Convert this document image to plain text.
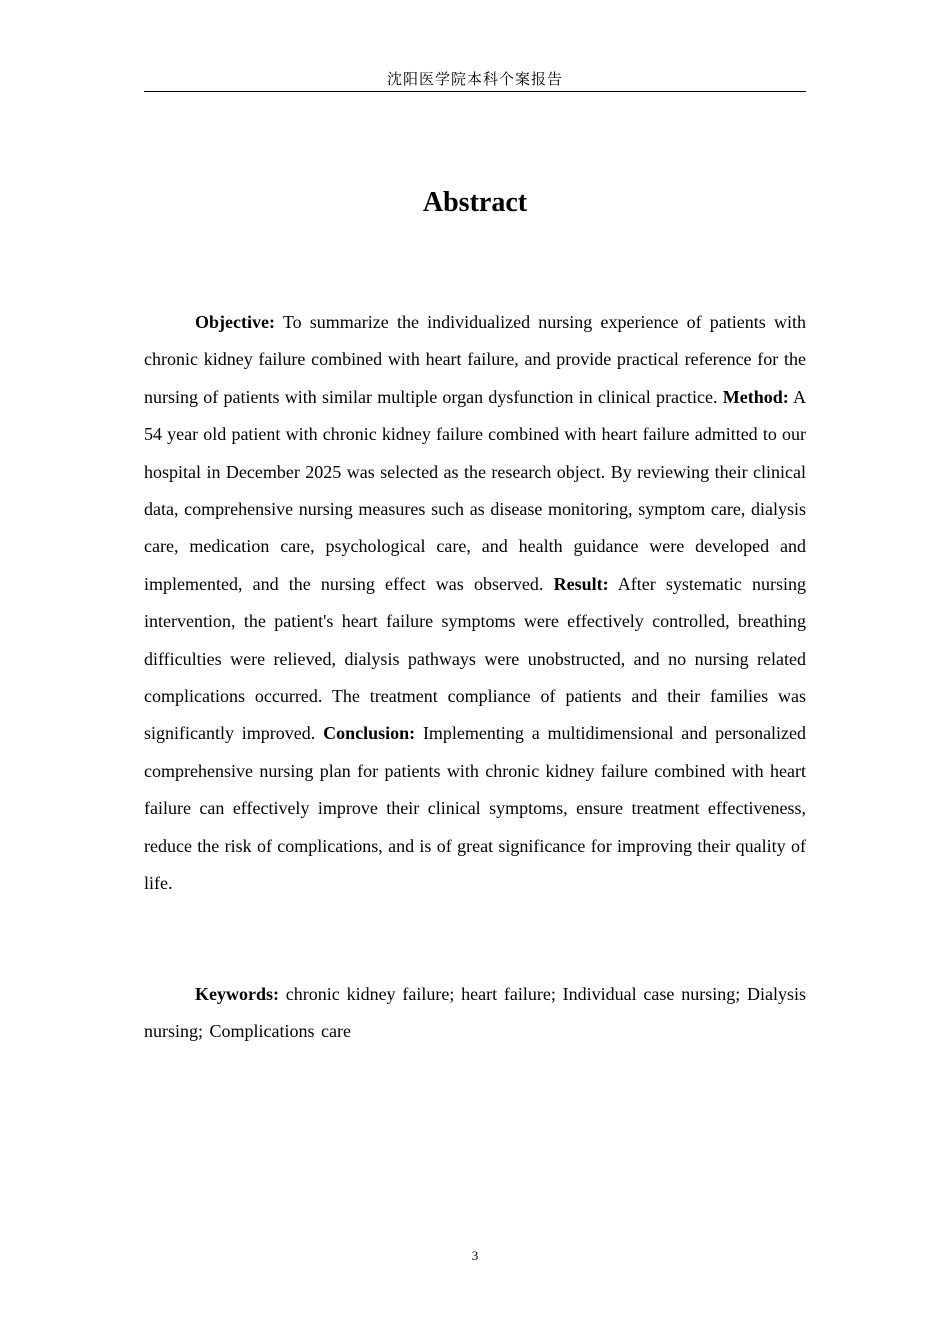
沈阳医学院本科个案报告
Abstract

Objective: To summarize the individualized nursing experience of patients with chronic kidney failure combined with heart failure, and provide practical reference for the nursing of patients with similar multiple organ dysfunction in clinical practice. Method: A 54 year old patient with chronic kidney failure combined with heart failure admitted to our hospital in December 2025 was selected as the research object. By reviewing their clinical data, comprehensive nursing measures such as disease monitoring, symptom care, dialysis care, medication care, psychological care, and health guidance were developed and implemented, and the nursing effect was observed. Result: After systematic nursing intervention, the patient's heart failure symptoms were effectively controlled, breathing difficulties were relieved, dialysis pathways were unobstructed, and no nursing related complications occurred. The treatment compliance of patients and their families was significantly improved. Conclusion: Implementing a multidimensional and personalized comprehensive nursing plan for patients with chronic kidney failure combined with heart failure can effectively improve their clinical symptoms, ensure treatment effectiveness, reduce the risk of complications, and is of great significance for improving their quality of life.

Keywords: chronic kidney failure; heart failure; Individual case nursing; Dialysis nursing; Complications care

3
